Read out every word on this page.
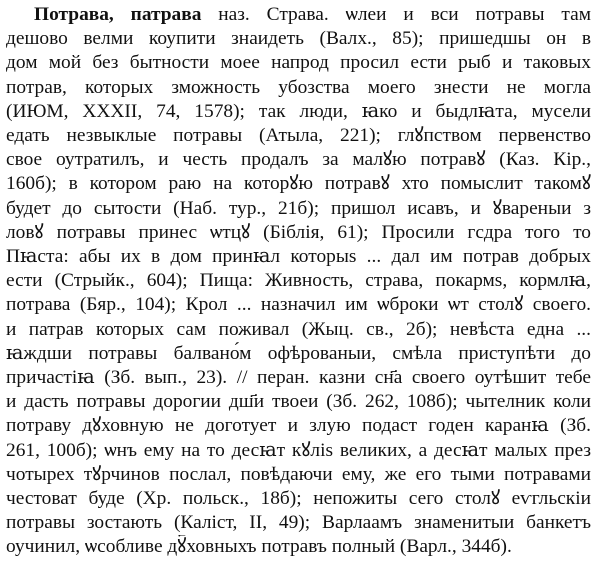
Потрава, патрава наз. Страва. ѡлеи и вси потравы там
дешово велми коупити знаидеть (Валх., 85); пришедшы он в
дом мой без бытности моее напрод просил ести рыб и таковых
потрав, которых зможность убозства моего знести не могла
(ИЮМ, ХХХІІ, 74, 1578); так люди, ꙗко и быдлꙗта, мусели
едать незвыклые потравы (Атыла, 221); глꙋпством первенство
свое оутратилъ, и честь продалъ за малꙋю потравꙋ (Каз. Кір.,
160б); в котором раю на которꙋю потравꙋ хто помыслит такомꙋ
будет до сытости (Наб. тур., 21б); пришол исавъ, и ꙋвареныи з
ловꙋ потравы принес ѡтцꙋ (Біблія, 61); Просили гсдра того то
Пꙗста: абы их в дом принꙗл которыѕ ... дал им потрав добрых
ести (Стрыйк., 604); Пища: Живность, страва, покармѕ, кормлꙗ,
потрава (Бяр., 104); Крол ... назначил им ѡброки ѡт столꙋ своего.
и патрав которых сам поживал (Жыц. св., 2б); невѣста една ...
ꙗждши потравы балвано́м офѣрованыи, смѣла приступѣти до
причастіꙗ (Зб. вып., 23). // перан. казни сн҃а своего оутѣшит тебе
и дасть потравы дорогии дш҃и твоеи (Зб. 262, 108б); чытелник коли
потраву дꙋховную не доготует и злую подаст годен каранꙗ (Зб.
261, 100б); ѡнъ ему на то десꙗт кꙋліѕ великих, а десꙗт малых през
чотырех тꙋрчинов послал, повѣдаючи ему, же его тыми потравами
честоват буде (Хр. польск., 18б); непожиты сего столꙋ еѵгльскіи
потравы зостають (Каліст, ІІ, 49); Варлаамъ знаменитыи банкетъ
оучинил, ѡсобливе дꙋ҃ховныхъ потравъ полный (Варл., 344б).
